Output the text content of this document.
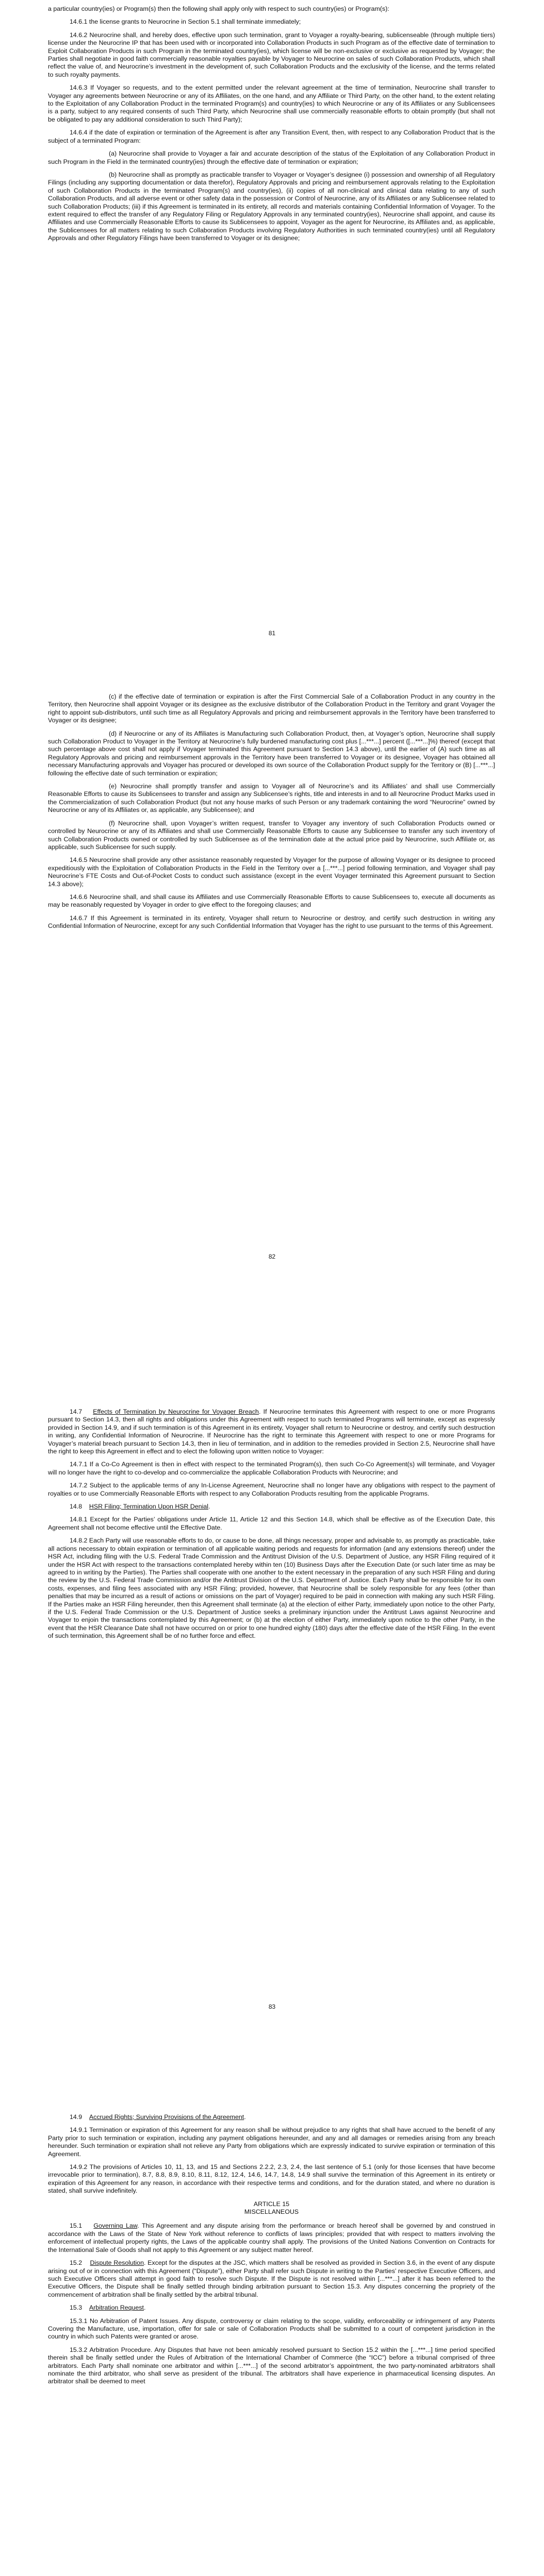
a particular country(ies) or Program(s) then the following shall apply only with respect to such country(ies) or Program(s):

14.6.1 the license grants to Neurocrine in Section 5.1 shall terminate immediately;

14.6.2 Neurocrine shall, and hereby does, effective upon such termination, grant to Voyager a royalty-bearing, sublicenseable (through multiple tiers) license under the Neurocrine IP that has been used with or incorporated into Collaboration Products in such Program as of the effective date of termination to Exploit Collaboration Products in such Program in the terminated country(ies), which license will be non-exclusive or exclusive as requested by Voyager; the Parties shall negotiate in good faith commercially reasonable royalties payable by Voyager to Neurocrine on sales of such Collaboration Products, which shall reflect the value of, and Neurocrine’s investment in the development of, such Collaboration Products and the exclusivity of the license, and the terms related to such royalty payments.

14.6.3 If Voyager so requests, and to the extent permitted under the relevant agreement at the time of termination, Neurocrine shall transfer to Voyager any agreements between Neurocrine or any of its Affiliates, on the one hand, and any Affiliate or Third Party, on the other hand, to the extent relating to the Exploitation of any Collaboration Product in the terminated Program(s) and country(ies) to which Neurocrine or any of its Affiliates or any Sublicensees is a party, subject to any required consents of such Third Party, which Neurocrine shall use commercially reasonable efforts to obtain promptly (but shall not be obligated to pay any additional consideration to such Third Party);

14.6.4 if the date of expiration or termination of the Agreement is after any Transition Event, then, with respect to any Collaboration Product that is the subject of a terminated Program:

(a) Neurocrine shall provide to Voyager a fair and accurate description of the status of the Exploitation of any Collaboration Product in such Program in the Field in the terminated country(ies) through the effective date of termination or expiration;

(b) Neurocrine shall as promptly as practicable transfer to Voyager or Voyager’s designee (i) possession and ownership of all Regulatory Filings (including any supporting documentation or data therefor), Regulatory Approvals and pricing and reimbursement approvals relating to the Exploitation of such Collaboration Products in the terminated Program(s) and country(ies), (ii) copies of all non-clinical and clinical data relating to any of such Collaboration Products, and all adverse event or other safety data in the possession or Control of Neurocrine, any of its Affiliates or any Sublicensee related to such Collaboration Products; (iii) if this Agreement is terminated in its entirety, all records and materials containing Confidential Information of Voyager. To the extent required to effect the transfer of any Regulatory Filing or Regulatory Approvals in any terminated country(ies), Neurocrine shall appoint, and cause its Affiliates and use Commercially Reasonable Efforts to cause its Sublicensees to appoint, Voyager as the agent for Neurocrine, its Affiliates and, as applicable, the Sublicensees for all matters relating to such Collaboration Products involving Regulatory Authorities in such terminated country(ies) until all Regulatory Approvals and other Regulatory Filings have been transferred to Voyager or its designee;

81

(c) if the effective date of termination or expiration is after the First Commercial Sale of a Collaboration Product in any country in the Territory, then Neurocrine shall appoint Voyager or its designee as the exclusive distributor of the Collaboration Product in the Territory and grant Voyager the right to appoint sub-distributors, until such time as all Regulatory Approvals and pricing and reimbursement approvals in the Territory have been transferred to Voyager or its designee;

(d) if Neurocrine or any of its Affiliates is Manufacturing such Collaboration Product, then, at Voyager’s option, Neurocrine shall supply such Collaboration Product to Voyager in the Territory at Neurocrine’s fully burdened manufacturing cost plus [...***...] percent ([...***...]%) thereof (except that such percentage above cost shall not apply if Voyager terminated this Agreement pursuant to Section 14.3 above), until the earlier of (A) such time as all Regulatory Approvals and pricing and reimbursement approvals in the Territory have been transferred to Voyager or its designee, Voyager has obtained all necessary Manufacturing approvals and Voyager has procured or developed its own source of the Collaboration Product supply for the Territory or (B) [...***...] following the effective date of such termination or expiration;

(e) Neurocrine shall promptly transfer and assign to Voyager all of Neurocrine’s and its Affiliates’ and shall use Commercially Reasonable Efforts to cause its Sublicensees to transfer and assign any Sublicensee’s rights, title and interests in and to all Neurocrine Product Marks used in the Commercialization of such Collaboration Product (but not any house marks of such Person or any trademark containing the word “Neurocrine” owned by Neurocrine or any of its Affiliates or, as applicable, any Sublicensee); and

(f) Neurocrine shall, upon Voyager’s written request, transfer to Voyager any inventory of such Collaboration Products owned or controlled by Neurocrine or any of its Affiliates and shall use Commercially Reasonable Efforts to cause any Sublicensee to transfer any such inventory of such Collaboration Products owned or controlled by such Sublicensee as of the termination date at the actual price paid by Neurocrine, such Affiliate or, as applicable, such Sublicensee for such supply.

14.6.5 Neurocrine shall provide any other assistance reasonably requested by Voyager for the purpose of allowing Voyager or its designee to proceed expeditiously with the Exploitation of Collaboration Products in the Field in the Territory over a [...***...] period following termination, and Voyager shall pay Neurocrine’s FTE Costs and Out-of-Pocket Costs to conduct such assistance (except in the event Voyager terminated this Agreement pursuant to Section 14.3 above);

14.6.6 Neurocrine shall, and shall cause its Affiliates and use Commercially Reasonable Efforts to cause Sublicensees to, execute all documents as may be reasonably requested by Voyager in order to give effect to the foregoing clauses; and

14.6.7 If this Agreement is terminated in its entirety, Voyager shall return to Neurocrine or destroy, and certify such destruction in writing any Confidential Information of Neurocrine, except for any such Confidential Information that Voyager has the right to use pursuant to the terms of this Agreement.

82

14.7 Effects of Termination by Neurocrine for Voyager Breach. If Neurocrine terminates this Agreement with respect to one or more Programs pursuant to Section 14.3, then all rights and obligations under this Agreement with respect to such terminated Programs will terminate, except as expressly provided in Section 14.9, and if such termination is of this Agreement in its entirety, Voyager shall return to Neurocrine or destroy, and certify such destruction in writing, any Confidential Information of Neurocrine. If Neurocrine has the right to terminate this Agreement with respect to one or more Programs for Voyager’s material breach pursuant to Section 14.3, then in lieu of termination, and in addition to the remedies provided in Section 2.5, Neurocrine shall have the right to keep this Agreement in effect and to elect the following upon written notice to Voyager:

14.7.1 If a Co-Co Agreement is then in effect with respect to the terminated Program(s), then such Co-Co Agreement(s) will terminate, and Voyager will no longer have the right to co-develop and co-commercialize the applicable Collaboration Products with Neurocrine; and

14.7.2 Subject to the applicable terms of any In-License Agreement, Neurocrine shall no longer have any obligations with respect to the payment of royalties or to use Commercially Reasonable Efforts with respect to any Collaboration Products resulting from the applicable Programs.

14.8 HSR Filing; Termination Upon HSR Denial.

14.8.1 Except for the Parties’ obligations under Article 11, Article 12 and this Section 14.8, which shall be effective as of the Execution Date, this Agreement shall not become effective until the Effective Date.

14.8.2 Each Party will use reasonable efforts to do, or cause to be done, all things necessary, proper and advisable to, as promptly as practicable, take all actions necessary to obtain expiration or termination of all applicable waiting periods and requests for information (and any extensions thereof) under the HSR Act, including filing with the U.S. Federal Trade Commission and the Antitrust Division of the U.S. Department of Justice, any HSR Filing required of it under the HSR Act with respect to the transactions contemplated hereby within ten (10) Business Days after the Execution Date (or such later time as may be agreed to in writing by the Parties). The Parties shall cooperate with one another to the extent necessary in the preparation of any such HSR Filing and during the review by the U.S. Federal Trade Commission and/or the Antitrust Division of the U.S. Department of Justice. Each Party shall be responsible for its own costs, expenses, and filing fees associated with any HSR Filing; provided, however, that Neurocrine shall be solely responsible for any fees (other than penalties that may be incurred as a result of actions or omissions on the part of Voyager) required to be paid in connection with making any such HSR Filing. If the Parties make an HSR Filing hereunder, then this Agreement shall terminate (a) at the election of either Party, immediately upon notice to the other Party, if the U.S. Federal Trade Commission or the U.S. Department of Justice seeks a preliminary injunction under the Antitrust Laws against Neurocrine and Voyager to enjoin the transactions contemplated by this Agreement; or (b) at the election of either Party, immediately upon notice to the other Party, in the event that the HSR Clearance Date shall not have occurred on or prior to one hundred eighty (180) days after the effective date of the HSR Filing. In the event of such termination, this Agreement shall be of no further force and effect.

83

14.9 Accrued Rights; Surviving Provisions of the Agreement.

14.9.1 Termination or expiration of this Agreement for any reason shall be without prejudice to any rights that shall have accrued to the benefit of any Party prior to such termination or expiration, including any payment obligations hereunder, and any and all damages or remedies arising from any breach hereunder. Such termination or expiration shall not relieve any Party from obligations which are expressly indicated to survive expiration or termination of this Agreement.

14.9.2 The provisions of Articles 10, 11, 13, and 15 and Sections 2.2.2, 2.3, 2.4, the last sentence of 5.1 (only for those licenses that have become irrevocable prior to termination), 8.7, 8.8, 8.9, 8.10, 8.11, 8.12, 12.4, 14.6, 14.7, 14.8, 14.9 shall survive the termination of this Agreement in its entirety or expiration of this Agreement for any reason, in accordance with their respective terms and conditions, and for the duration stated, and where no duration is stated, shall survive indefinitely.

ARTICLE 15

MISCELLANEOUS

15.1 Governing Law. This Agreement and any dispute arising from the performance or breach hereof shall be governed by and construed in accordance with the Laws of the State of New York without reference to conflicts of laws principles; provided that with respect to matters involving the enforcement of intellectual property rights, the Laws of the applicable country shall apply. The provisions of the United Nations Convention on Contracts for the International Sale of Goods shall not apply to this Agreement or any subject matter hereof.

15.2 Dispute Resolution. Except for the disputes at the JSC, which matters shall be resolved as provided in Section 3.6, in the event of any dispute arising out of or in connection with this Agreement (“Dispute”), either Party shall refer such Dispute in writing to the Parties’ respective Executive Officers, and such Executive Officers shall attempt in good faith to resolve such Dispute. If the Dispute is not resolved within [...***...] after it has been referred to the Executive Officers, the Dispute shall be finally settled through binding arbitration pursuant to Section 15.3. Any disputes concerning the propriety of the commencement of arbitration shall be finally settled by the arbitral tribunal.

15.3 Arbitration Request.

15.3.1 No Arbitration of Patent Issues. Any dispute, controversy or claim relating to the scope, validity, enforceability or infringement of any Patents Covering the Manufacture, use, importation, offer for sale or sale of Collaboration Products shall be submitted to a court of competent jurisdiction in the country in which such Patents were granted or arose.

15.3.2 Arbitration Procedure. Any Disputes that have not been amicably resolved pursuant to Section 15.2 within the [...***...] time period specified therein shall be finally settled under the Rules of Arbitration of the International Chamber of Commerce (the “ICC”) before a tribunal comprised of three arbitrators. Each Party shall nominate one arbitrator and within [...***...] of the second arbitrator’s appointment, the two party-nominated arbitrators shall nominate the third arbitrator, who shall serve as president of the tribunal. The arbitrators shall have experience in pharmaceutical licensing disputes. An arbitrator shall be deemed to meet
